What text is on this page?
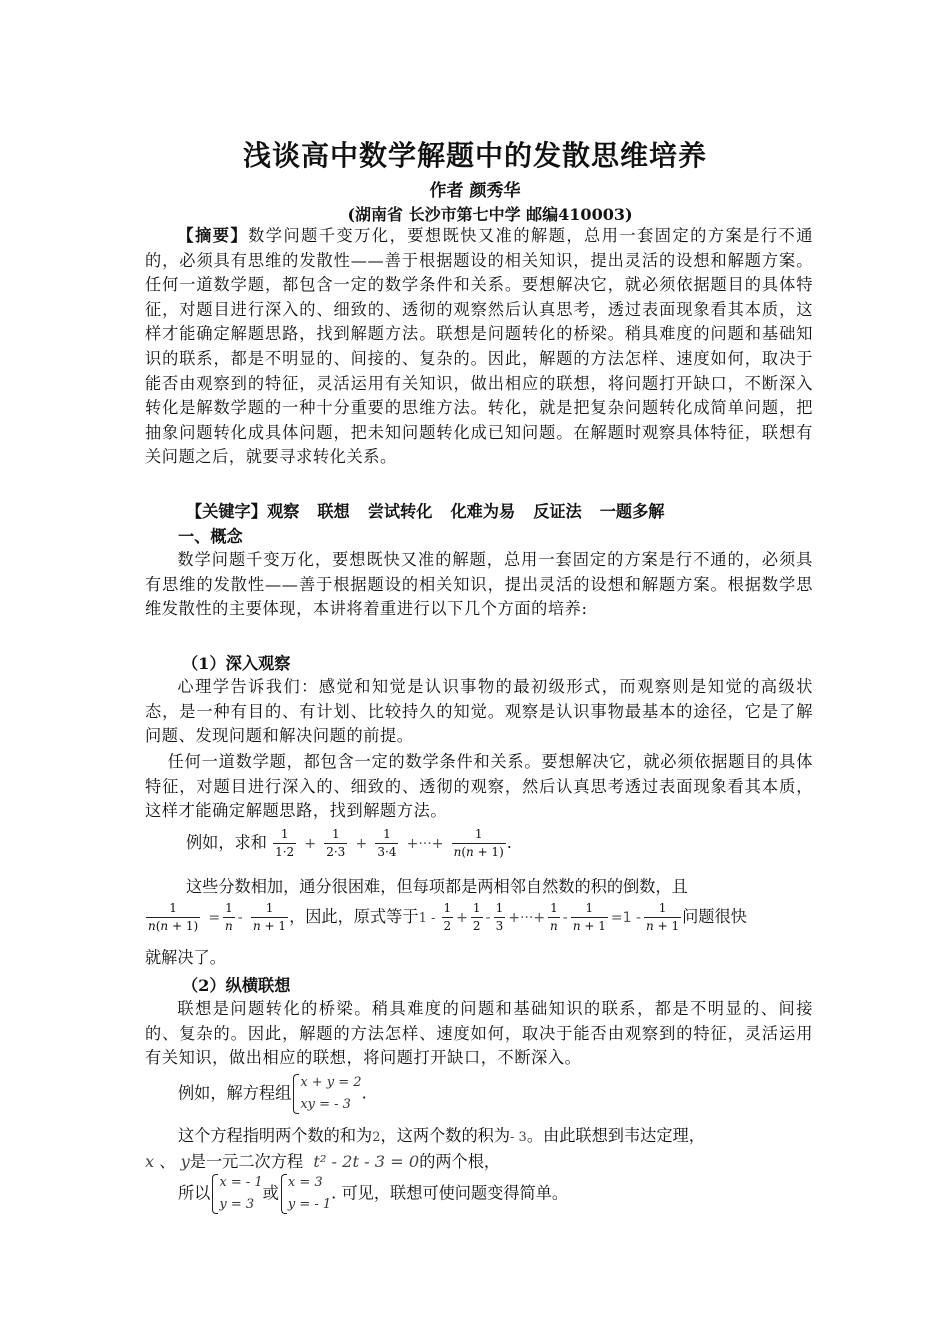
浅谈高中数学解题中的发散思维培养
作者 颜秀华
(湖南省 长沙市第七中学 邮编410003)
【摘要】数学问题千变万化，要想既快又准的解题，总用一套固定的方案是行不通的，必须具有思维的发散性——善于根据题设的相关知识，提出灵活的设想和解题方案。任何一道数学题，都包含一定的数学条件和关系。要想解决它，就必须依据题目的具体特征，对题目进行深入的、细致的、透彻的观察然后认真思考，透过表面现象看其本质，这样才能确定解题思路，找到解题方法。联想是问题转化的桥梁。稍具难度的问题和基础知识的联系，都是不明显的、间接的、复杂的。因此，解题的方法怎样、速度如何，取决于能否由观察到的特征，灵活运用有关知识，做出相应的联想，将问题打开缺口，不断深入转化是解数学题的一种十分重要的思维方法。转化，就是把复杂问题转化成简单问题，把抽象问题转化成具体问题，把未知问题转化成已知问题。在解题时观察具体特征，联想有关问题之后，就要寻求转化关系。
【关键字】观察 联想 尝试转化 化难为易 反证法 一题多解
一、概念
数学问题千变万化，要想既快又准的解题，总用一套固定的方案是行不通的，必须具有思维的发散性——善于根据题设的相关知识，提出灵活的设想和解题方案。根据数学思维发散性的主要体现，本讲将着重进行以下几个方面的培养:
（1）深入观察
心理学告诉我们：感觉和知觉是认识事物的最初级形式，而观察则是知觉的高级状态，是一种有目的、有计划、比较持久的知觉。观察是认识事物最基本的途径，它是了解问题、发现问题和解决问题的前提。
任何一道数学题，都包含一定的数学条件和关系。要想解决它，就必须依据题目的具体特征，对题目进行深入的、细致的、透彻的观察，然后认真思考透过表面现象看其本质，这样才能确定解题思路，找到解题方法。
例如，求和 $\frac{1}{1\cdot 2} + \frac{1}{2\cdot 3} + \frac{1}{3\cdot 4}$ +···+ $\frac{1}{n(n + 1)}$ .
这些分数相加，通分很困难，但每项都是两相邻自然数的积的倒数，且
$\frac{1}{n(n + 1)} = \frac{1}{n} - \frac{1}{n + 1}$ ，因此，原式等于$1 - \frac{1}{2} + \frac{1}{2} - \frac{1}{3}$ +···+ $\frac{1}{n} - \frac{1}{n + 1} =1 - \frac{1}{n + 1}$ 问题很快
就解决了。
（2）纵横联想
联想是问题转化的桥梁。稍具难度的问题和基础知识的联系，都是不明显的、间接的、复杂的。因此，解题的方法怎样、速度如何，取决于能否由观察到的特征，灵活运用有关知识，做出相应的联想，将问题打开缺口，不断深入。
例如，解方程组
x + y = 2
xy = - 3
.
这个方程指明两个数的和为2，这两个数的积为- 3。由此联想到韦达定理，
x 、 y是一元二次方程 t² - 2t - 3 = 0的两个根，
所以
x = - 1
y = 3
或
x = 3
y = - 1
. 可见，联想可使问题变得简单。
